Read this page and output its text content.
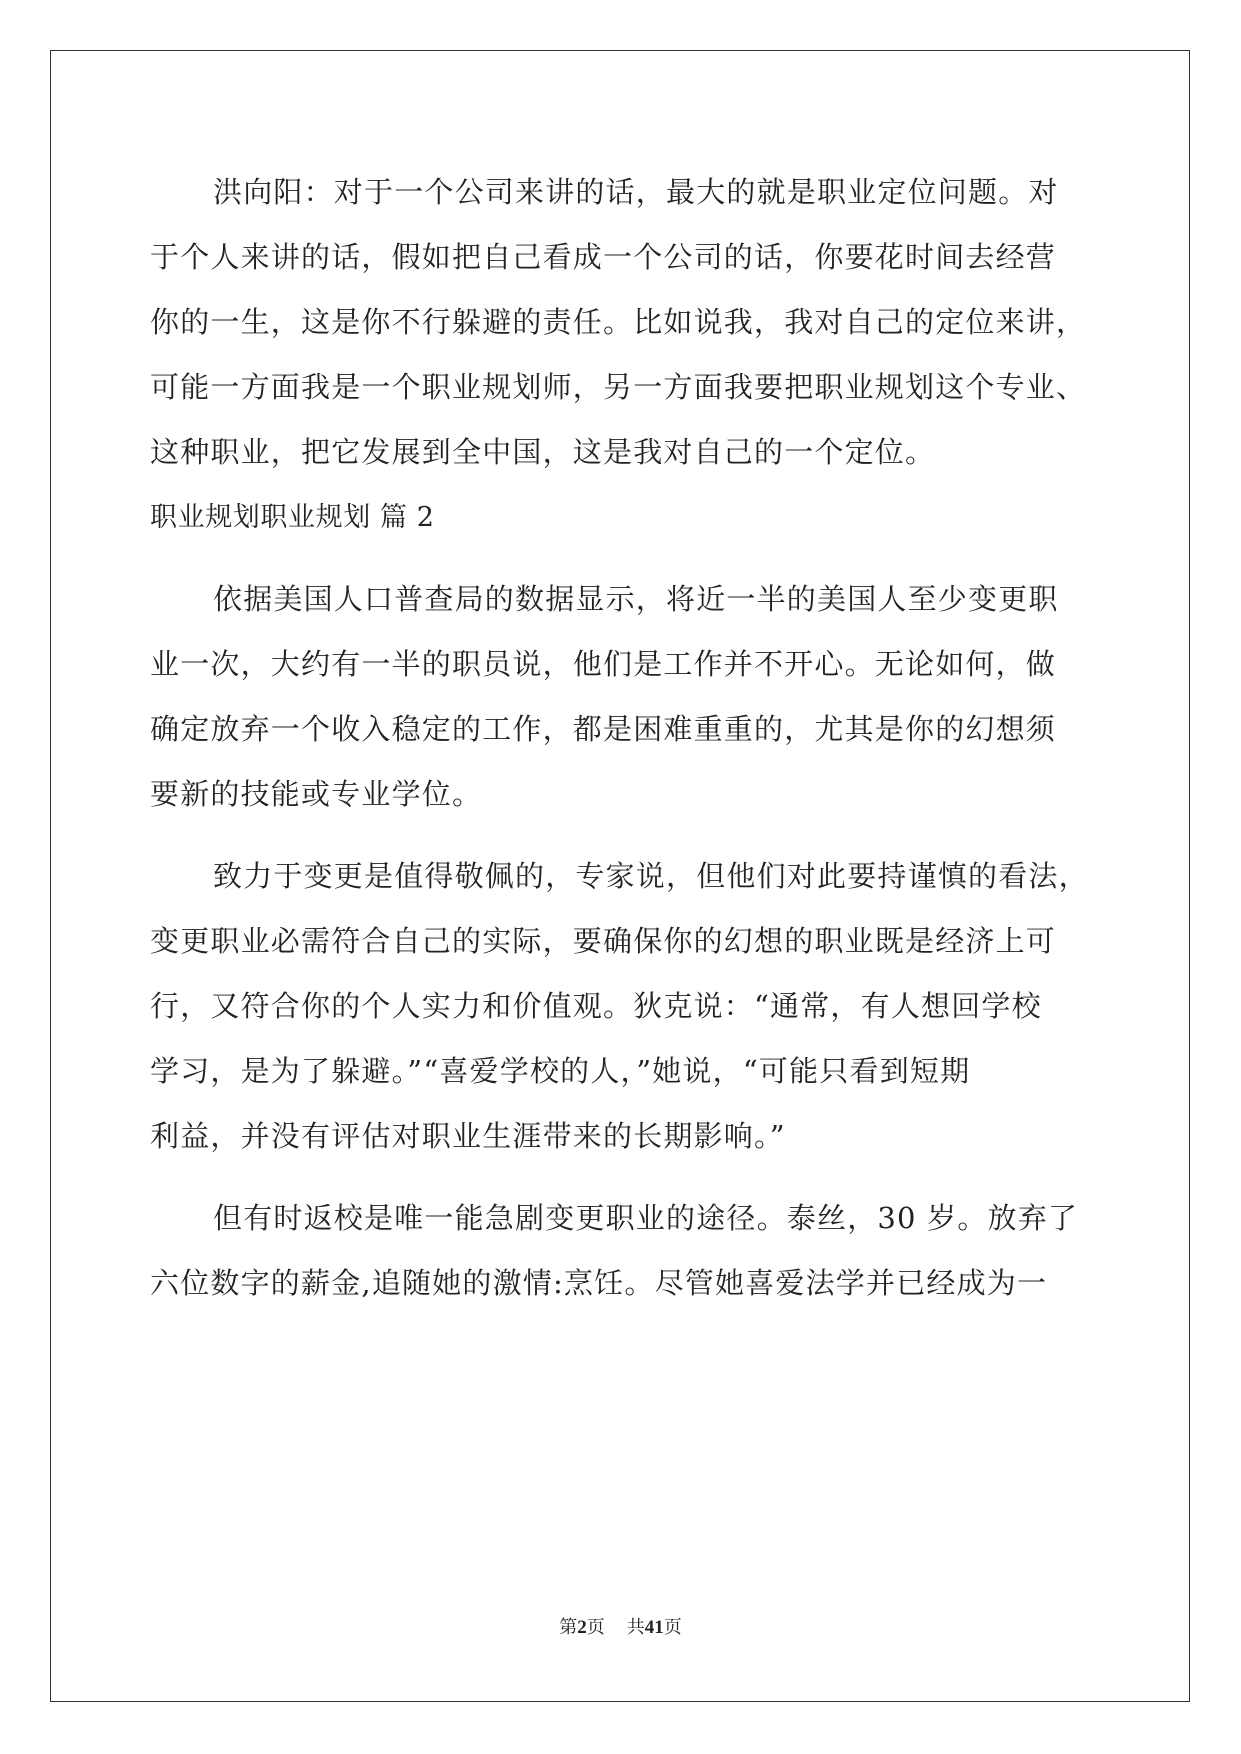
洪向阳：对于一个公司来讲的话，最大的就是职业定位问题。对
于个人来讲的话，假如把自己看成一个公司的话，你要花时间去经营
你的一生，这是你不行躲避的责任。比如说我，我对自己的定位来讲，
可能一方面我是一个职业规划师，另一方面我要把职业规划这个专业、
这种职业，把它发展到全中国，这是我对自己的一个定位。
职业规划职业规划 篇 2
依据美国人口普查局的数据显示，将近一半的美国人至少变更职
业一次，大约有一半的职员说，他们是工作并不开心。无论如何，做
确定放弃一个收入稳定的工作，都是困难重重的，尤其是你的幻想须
要新的技能或专业学位。
致力于变更是值得敬佩的，专家说，但他们对此要持谨慎的看法，
变更职业必需符合自己的实际，要确保你的幻想的职业既是经济上可
行，又符合你的个人实力和价值观。狄克说：“通常，有人想回学校
学习，是为了躲避。”“喜爱学校的人，”她说，“可能只看到短期
利益，并没有评估对职业生涯带来的长期影响。”
但有时返校是唯一能急剧变更职业的途径。泰丝，30 岁。放弃了
六位数字的薪金,追随她的激情:烹饪。尽管她喜爱法学并已经成为一
第2页 共41页
